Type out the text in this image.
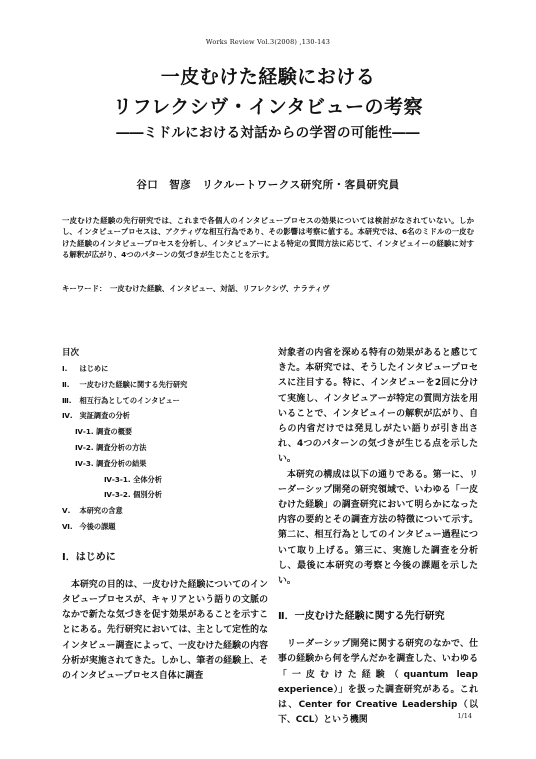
Works Review Vol.3(2008) ,130-143
一皮むけた経験における
リフレクシヴ・インタビューの考察
――ミドルにおける対話からの学習の可能性――
谷口　智彦　リクルートワークス研究所・客員研究員
一皮むけた経験の先行研究では、これまで各個人のインタビュープロセスの効果については検討がなされていない。しかし、インタビュープロセスは、アクティヴな相互行為であり、その影響は考察に値する。本研究では、6名のミドルの一皮むけた経験のインタビュープロセスを分析し、インタビュアーによる特定の質問方法に応じて、インタビュイーの経験に対する解釈が広がり、4つのパターンの気づきが生じたことを示す。
キーワード：　一皮むけた経験、インタビュー、対話、リフレクシヴ、ナラティヴ
目次
Ⅰ. はじめに
Ⅱ. 一皮むけた経験に関する先行研究
Ⅲ. 相互行為としてのインタビュー
Ⅳ. 実証調査の分析
Ⅳ-1. 調査の概要
Ⅳ-2. 調査分析の方法
Ⅳ-3. 調査分析の結果
Ⅳ-3-1. 全体分析
Ⅳ-3-2. 個別分析
Ⅴ. 本研究の含意
Ⅵ. 今後の課題
Ⅰ．はじめに
本研究の目的は、一皮むけた経験についてのインタビュープロセスが、キャリアという語りの文脈のなかで新たな気づきを促す効果があることを示すことにある。先行研究においては、主として定性的なインタビュー調査によって、一皮むけた経験の内容分析が実施されてきた。しかし、筆者の経験上、そのインタビュープロセス自体に調査
対象者の内省を深める特有の効果があると感じてきた。本研究では、そうしたインタビュープロセスに注目する。特に、インタビューを2回に分けて実施し、インタビュアーが特定の質問方法を用いることで、インタビュイーの解釈が広がり、自らの内省だけでは発見しがたい語りが引き出され、4つのパターンの気づきが生じる点を示したい。
本研究の構成は以下の通りである。第一に、リーダーシップ開発の研究領域で、いわゆる「一皮むけた経験」の調査研究において明らかになった内容の要約とその調査方法の特徴について示す。第二に、相互行為としてのインタビュー過程について取り上げる。第三に、実施した調査を分析し、最後に本研究の考察と今後の課題を示したい。
Ⅱ．一皮むけた経験に関する先行研究
リーダーシップ開発に関する研究のなかで、仕事の経験から何を学んだかを調査した、いわゆる「一皮むけた経験（quantum leap experience）」を扱った調査研究がある。これは、Center for Creative Leadership（以下、CCL）という機関	1/14
